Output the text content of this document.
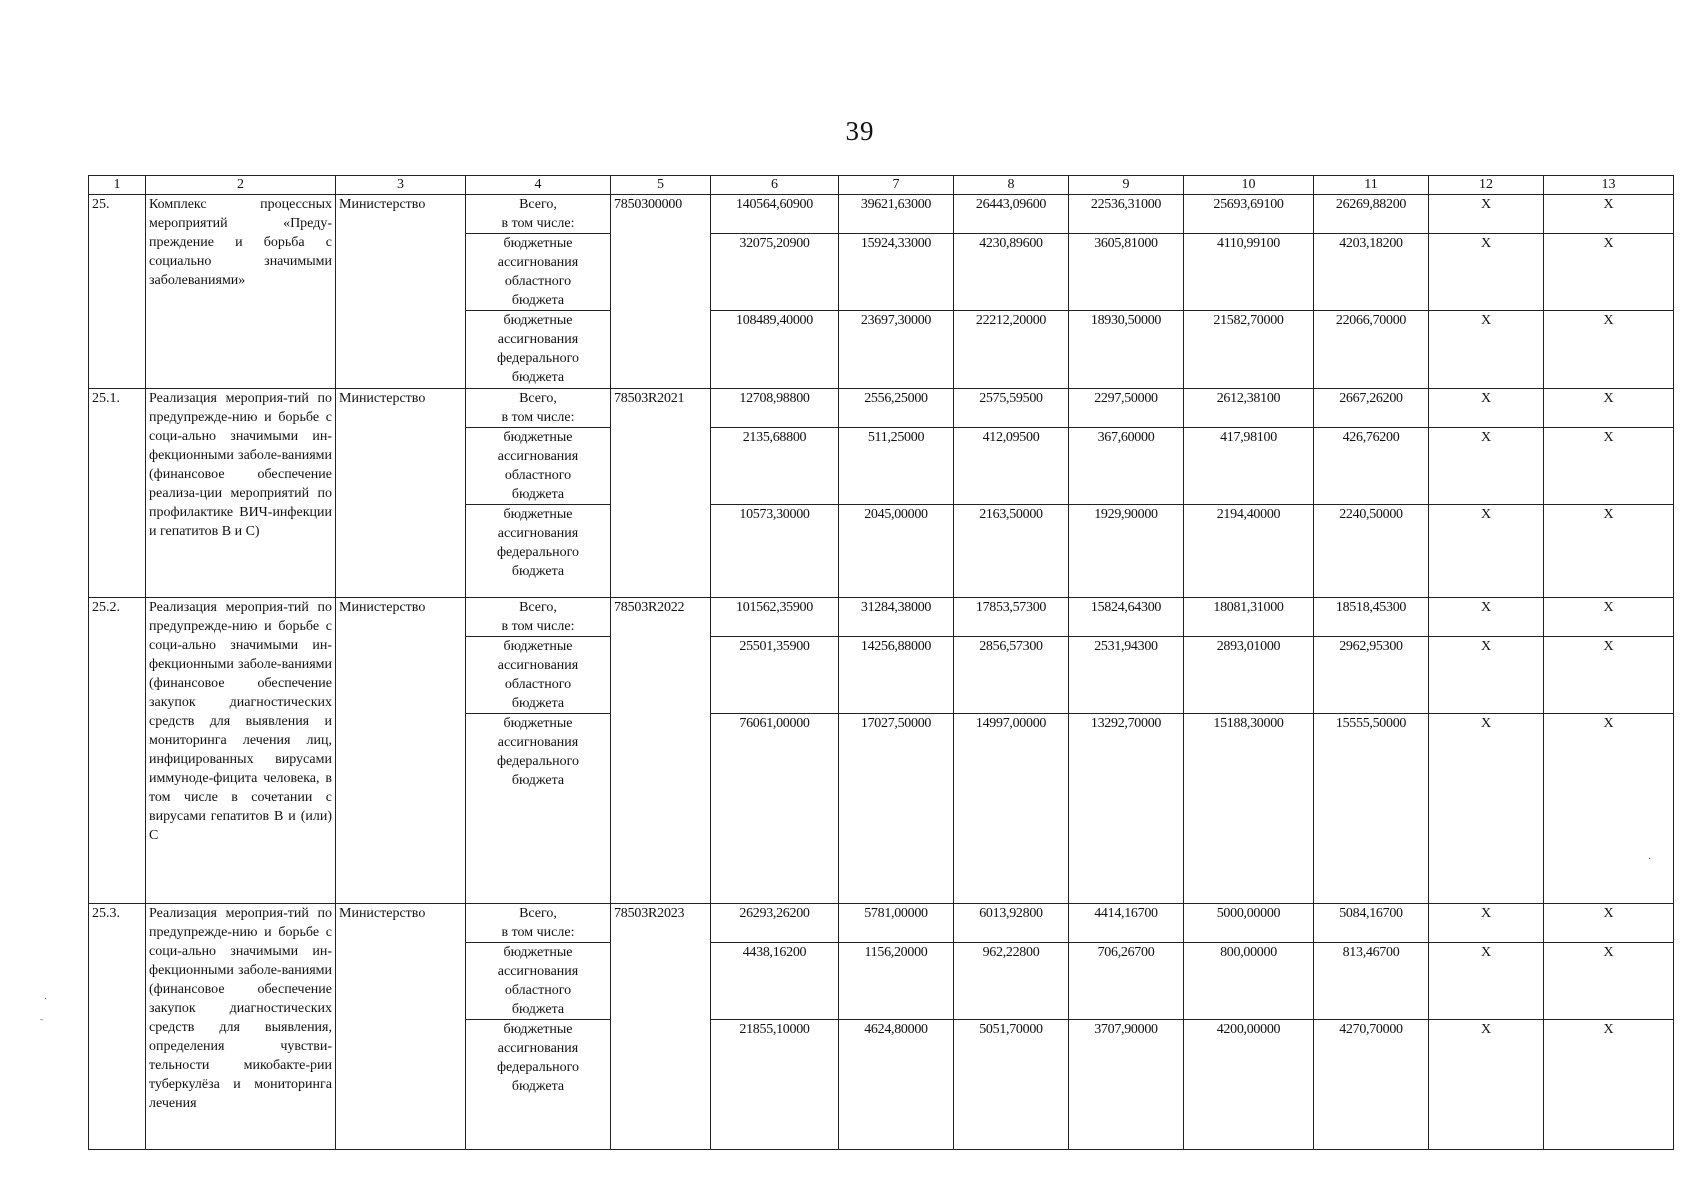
39
1	2	3	4	5	6	7	8	9	10	11	12	13
25.	Комплекс процессных мероприятий «Преду-преждение и борьба с социально значимыми заболеваниями»	Министерство	Всего,
в том числе:	7850300000	140564,60900	39621,63000	26443,09600	22536,31000	25693,69100	26269,88200	X	X
			бюджетные
ассигнования
областного
бюджета		32075,20900	15924,33000	4230,89600	3605,81000	4110,99100	4203,18200	X	X
			бюджетные
ассигнования
федерального
бюджета		108489,40000	23697,30000	22212,20000	18930,50000	21582,70000	22066,70000	X	X
25.1.	Реализация мероприя-тий по предупрежде-нию и борьбе с соци-ально значимыми ин-фекционными заболе-ваниями (финансовое обеспечение реализа-ции мероприятий по профилактике ВИЧ-инфекции и гепатитов В и С)	Министерство	Всего,
в том числе:	78503R2021	12708,98800	2556,25000	2575,59500	2297,50000	2612,38100	2667,26200	X	X
			бюджетные
ассигнования
областного
бюджета		2135,68800	511,25000	412,09500	367,60000	417,98100	426,76200	X	X
			бюджетные
ассигнования
федерального
бюджета		10573,30000	2045,00000	2163,50000	1929,90000	2194,40000	2240,50000	X	X
25.2.	Реализация мероприя-тий по предупрежде-нию и борьбе с соци-ально значимыми ин-фекционными заболе-ваниями (финансовое обеспечение закупок диагностических средств для выявления и мониторинга лечения лиц, инфицированных вирусами иммуноде-фицита человека, в том числе в сочетании с вирусами гепатитов В и (или) С	Министерство	Всего,
в том числе:	78503R2022	101562,35900	31284,38000	17853,57300	15824,64300	18081,31000	18518,45300	X	X
			бюджетные
ассигнования
областного
бюджета		25501,35900	14256,88000	2856,57300	2531,94300	2893,01000	2962,95300	X	X
			бюджетные
ассигнования
федерального
бюджета		76061,00000	17027,50000	14997,00000	13292,70000	15188,30000	15555,50000	X	X
25.3.	Реализация мероприя-тий по предупрежде-нию и борьбе с соци-ально значимыми ин-фекционными заболе-ваниями (финансовое обеспечение закупок диагностических средств для выявления, определения чувстви-тельности микобакте-рии туберкулёза и мониторинга лечения	Министерство	Всего,
в том числе:	78503R2023	26293,26200	5781,00000	6013,92800	4414,16700	5000,00000	5084,16700	X	X
			бюджетные
ассигнования
областного
бюджета		4438,16200	1156,20000	962,22800	706,26700	800,00000	813,46700	X	X
			бюджетные
ассигнования
федерального
бюджета		21855,10000	4624,80000	5051,70000	3707,90000	4200,00000	4270,70000	X	X
·
ˉ
·
